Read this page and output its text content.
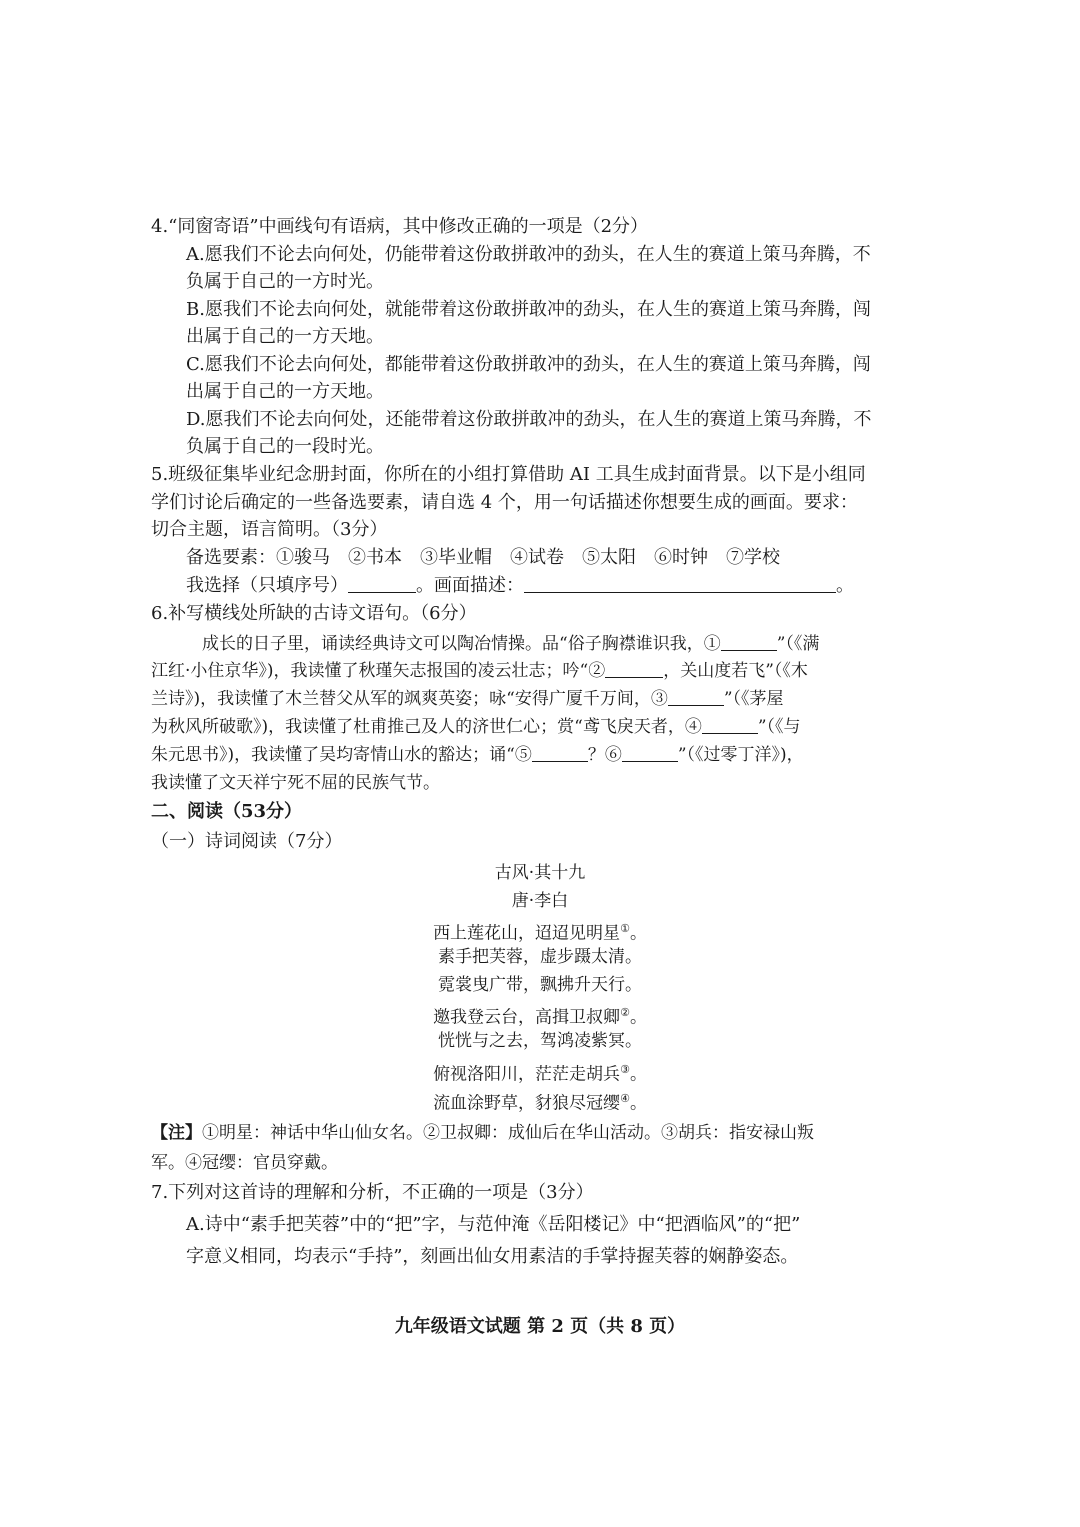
4.“同窗寄语”中画线句有语病，其中修改正确的一项是（2分）
A.愿我们不论去向何处，仍能带着这份敢拼敢冲的劲头，在人生的赛道上策马奔腾，不
负属于自己的一方时光。
B.愿我们不论去向何处，就能带着这份敢拼敢冲的劲头，在人生的赛道上策马奔腾，闯
出属于自己的一方天地。
C.愿我们不论去向何处，都能带着这份敢拼敢冲的劲头，在人生的赛道上策马奔腾，闯
出属于自己的一方天地。
D.愿我们不论去向何处，还能带着这份敢拼敢冲的劲头，在人生的赛道上策马奔腾，不
负属于自己的一段时光。
5.班级征集毕业纪念册封面，你所在的小组打算借助 AI 工具生成封面背景。以下是小组同
学们讨论后确定的一些备选要素，请自选 4 个，用一句话描述你想要生成的画面。要求：
切合主题，语言简明。（3分）
备选要素：①骏马　②书本　③毕业帽　④试卷　⑤太阳　⑥时钟　⑦学校
我选择（只填序号）	。画面描述：	。
6.补写横线处所缺的古诗文语句。（6分）
成长的日子里，诵读经典诗文可以陶冶情操。品“俗子胸襟谁识我，①	”（《满
江红·小住京华》)，我读懂了秋瑾矢志报国的凌云壮志；吟“②	，关山度若飞”（《木
兰诗》)，我读懂了木兰替父从军的飒爽英姿；咏“安得广厦千万间，③	”（《茅屋
为秋风所破歌》)，我读懂了杜甫推己及人的济世仁心；赏“鸢飞戾天者，④	”（《与
朱元思书》)，我读懂了吴均寄情山水的豁达；诵“⑤	？⑥	”（《过零丁洋》)，
我读懂了文天祥宁死不屈的民族气节。
二、阅读（53分）
（一）诗词阅读（7分）
古风·其十九
唐·李白
西上莲花山，迢迢见明星①。
素手把芙蓉，虚步蹑太清。
霓裳曳广带，飘拂升天行。
邀我登云台，高揖卫叔卿②。
恍恍与之去，驾鸿凌紫冥。
俯视洛阳川，茫茫走胡兵③。
流血涂野草，豺狼尽冠缨④。
【注】①明星：神话中华山仙女名。②卫叔卿：成仙后在华山活动。③胡兵：指安禄山叛
军。④冠缨：官员穿戴。
7.下列对这首诗的理解和分析，不正确的一项是（3分）
A.诗中“素手把芙蓉”中的“把”字，与范仲淹《岳阳楼记》中“把酒临风”的“把”
字意义相同，均表示“手持”，刻画出仙女用素洁的手掌持握芙蓉的娴静姿态。
九年级语文试题 第 2 页（共 8 页）
